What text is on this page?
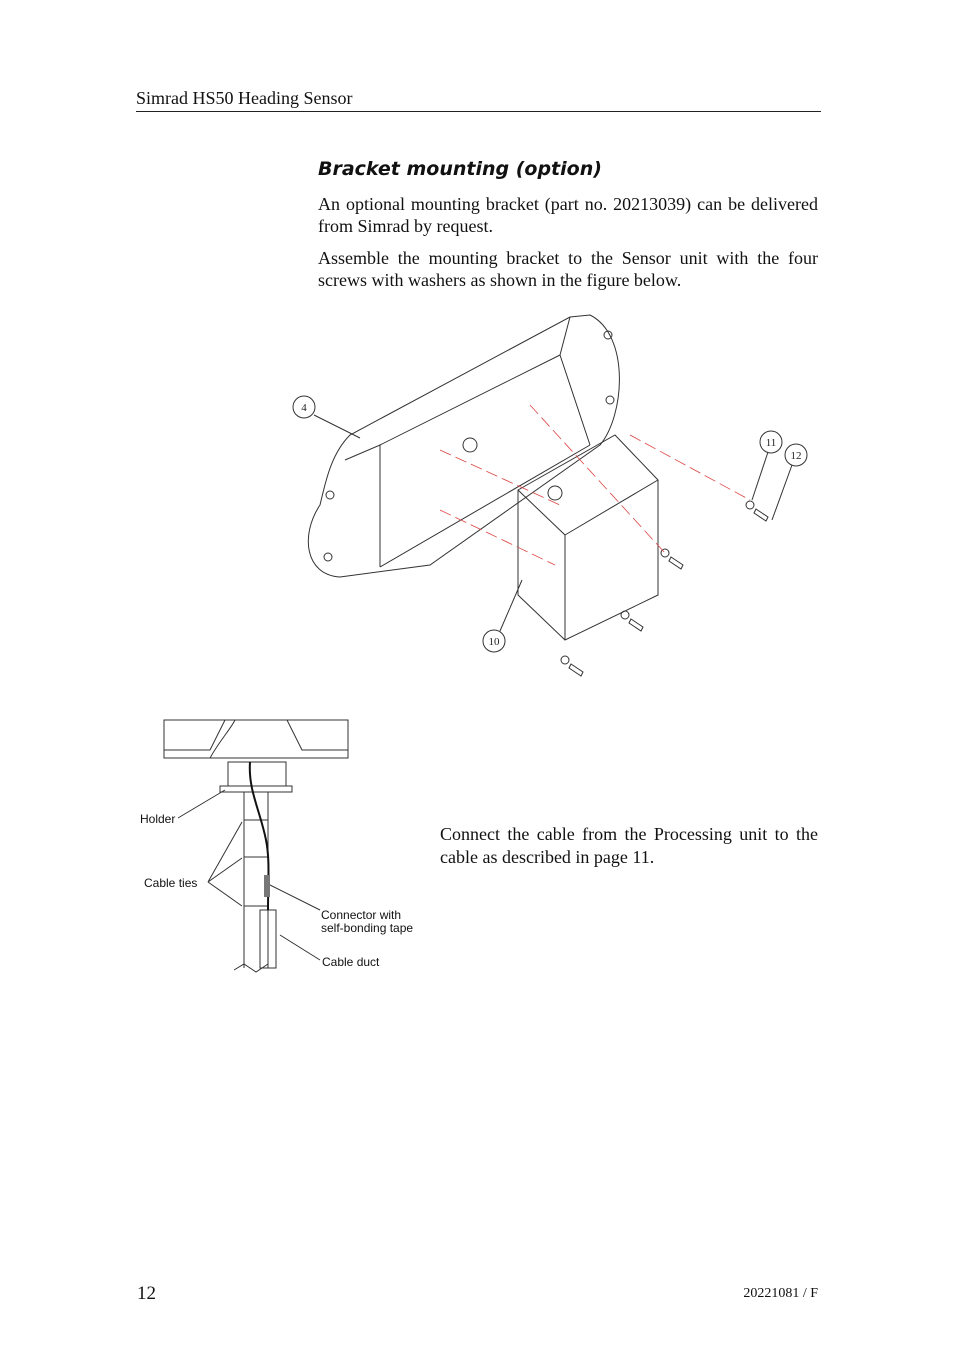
Simrad HS50 Heading Sensor
Bracket mounting (option)

An optional mounting bracket (part no. 20213039) can be delivered from Simrad by request.

Assemble the mounting bracket to the Sensor unit with the four screws with washers as shown in the figure below.

4
10
11
12
Holder
Cable ties
Connector with
self-bonding tape
Cable duct

Connect the cable from the Processing unit to the cable as described in page 11.

12	20221081 / F
